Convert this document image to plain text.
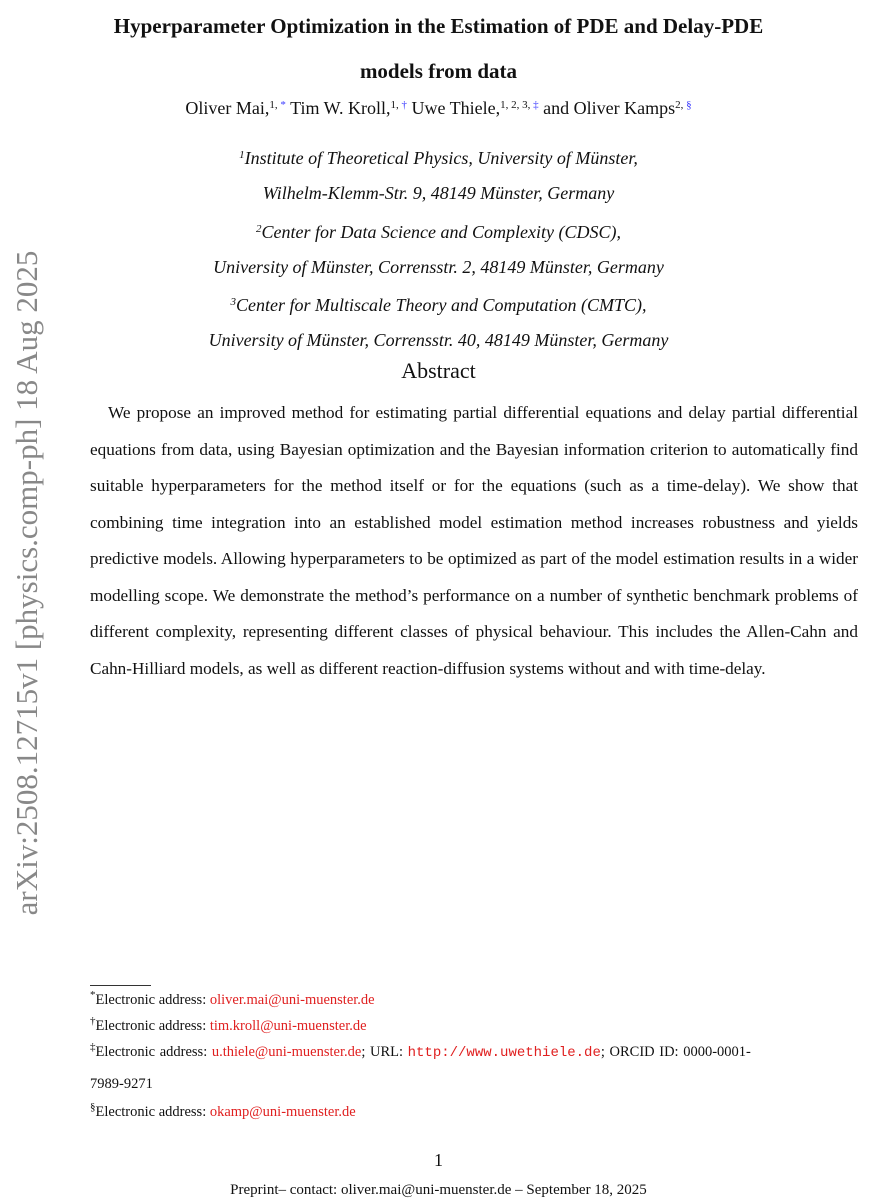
arXiv:2508.12715v1 [physics.comp-ph] 18 Aug 2025
Hyperparameter Optimization in the Estimation of PDE and Delay-PDE
models from data
Oliver Mai,$^{1, *}$ Tim W. Kroll,$^{1, \dagger}$ Uwe Thiele,$^{1, 2, 3, \ddagger}$ and Oliver Kamps$^{2, \S}$
$^1$Institute of Theoretical Physics, University of Münster,
Wilhelm-Klemm-Str. 9, 48149 Münster, Germany
$^2$Center for Data Science and Complexity (CDSC),
University of Münster, Corrensstr. 2, 48149 Münster, Germany
$^3$Center for Multiscale Theory and Computation (CMTC),
University of Münster, Corrensstr. 40, 48149 Münster, Germany
Abstract
We propose an improved method for estimating partial differential equations and delay partial differential equations from data, using Bayesian optimization and the Bayesian information criterion to automatically find suitable hyperparameters for the method itself or for the equations (such as a time-delay). We show that combining time integration into an established model estimation method increases robustness and yields predictive models. Allowing hyperparameters to be optimized as part of the model estimation results in a wider modelling scope. We demonstrate the method’s performance on a number of synthetic benchmark problems of different complexity, representing different classes of physical behaviour. This includes the Allen-Cahn and Cahn-Hilliard models, as well as different reaction-diffusion systems without and with time-delay.
*Electronic address: oliver.mai@uni-muenster.de
†Electronic address: tim.kroll@uni-muenster.de
‡Electronic address: u.thiele@uni-muenster.de; URL: http://www.uwethiele.de; ORCID ID: 0000-0001-
7989-9271
§Electronic address: okamp@uni-muenster.de
1
Preprint– contact: oliver.mai@uni-muenster.de – September 18, 2025
